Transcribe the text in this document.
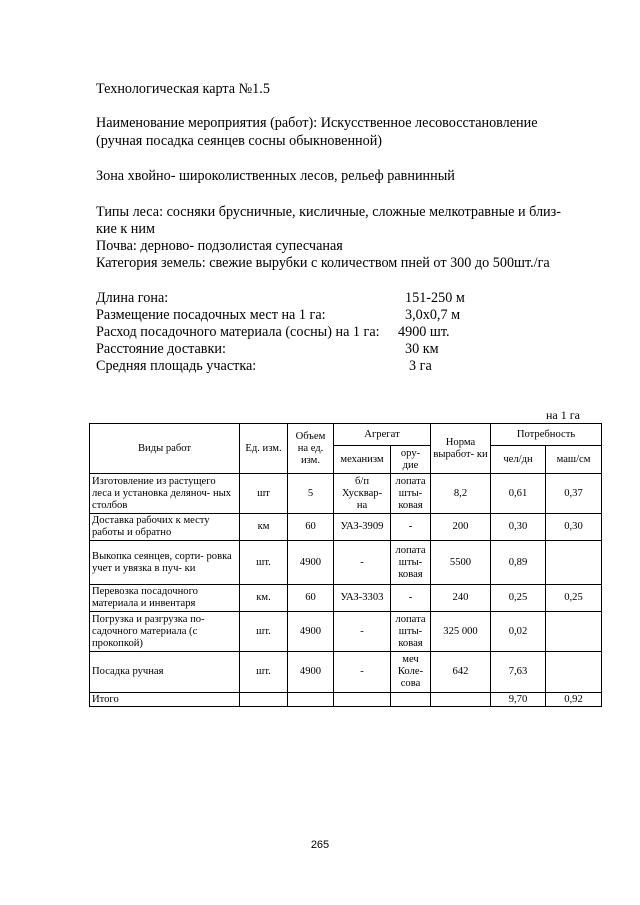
Технологическая карта №1.5
Наименование мероприятия (работ): Искусственное лесовосстановление
(ручная посадка сеянцев сосны обыкновенной)
Зона хвойно- широколиственных лесов, рельеф равнинный
Типы леса: сосняки брусничные, кисличные, сложные мелкотравные и близ-
кие к ним
Почва: дерново- подзолистая супесчаная
Категория земель: свежие вырубки с количеством пней от 300 до 500шт./га
Длина гона:	151-250 м
Размещение посадочных мест на 1 га:	3,0х0,7 м
Расход посадочного материала (сосны) на 1 га: 4900 шт.
Расстояние доставки:	30 км
Средняя площадь участка:	3 га
на 1 га
Виды работ	Ед. изм.	Объем на ед. изм.	Агрегат		Норма выработ- ки	Потребность	
			механизм	ору- дие		чел/дн	маш/см
Изготовление из растущего леса и установка деляноч- ных столбов	шт	5	б/п Хусквар- на	лопата шты- ковая	8,2	0,61	0,37
Доставка рабочих к месту работы и обратно	км	60	УАЗ-3909	-	200	0,30	0,30
Выкопка сеянцев, сорти- ровка учет и увязка в пуч- ки	шт.	4900	-	лопата шты- ковая	5500	0,89	
Перевозка посадочного материала и инвентаря	км.	60	УАЗ-3303	-	240	0,25	0,25
Погрузка и разгрузка по- садочного материала (с прокопкой)	шт.	4900	-	лопата шты- ковая	325 000	0,02	
Посадка ручная	шт.	4900	-	меч Коле- сова	642	7,63	
Итого						9,70	0,92
265
